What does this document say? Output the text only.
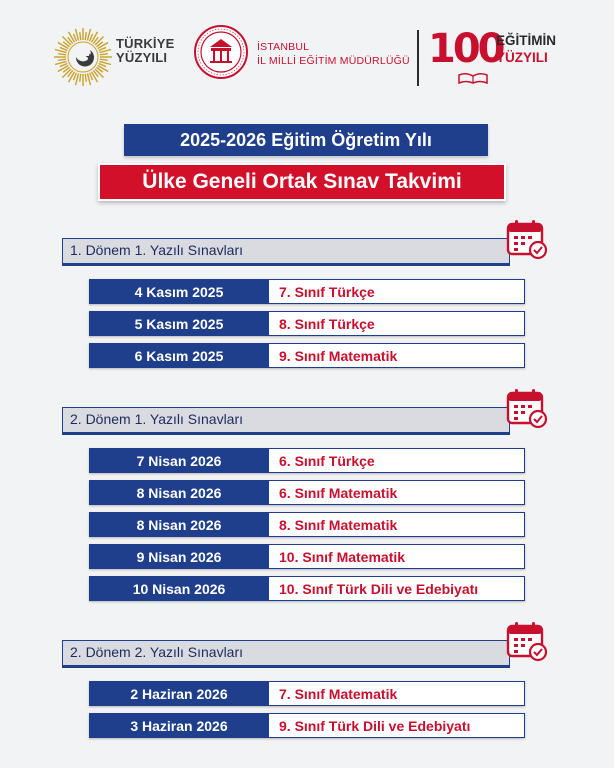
TÜRKİYE
YÜZYILI
İSTANBUL
İL MİLLİ EĞİTİM MÜDÜRLÜĞÜ 100
EĞİTİMİN
YÜZYILI
2025-2026 Eğitim Öğretim Yılı
Ülke Geneli Ortak Sınav Takvimi
1. Dönem 1. Yazılı Sınavları
4 Kasım 2025	7. Sınıf Türkçe
5 Kasım 2025	8. Sınıf Türkçe
6 Kasım 2025	9. Sınıf Matematik
2. Dönem 1. Yazılı Sınavları
7 Nisan 2026	6. Sınıf Türkçe
8 Nisan 2026	6. Sınıf Matematik
8 Nisan 2026	8. Sınıf Matematik
9 Nisan 2026	10. Sınıf Matematik
10 Nisan 2026	10. Sınıf Türk Dili ve Edebiyatı
2. Dönem 2. Yazılı Sınavları
2 Haziran 2026	7. Sınıf Matematik
3 Haziran 2026	9. Sınıf Türk Dili ve Edebiyatı
